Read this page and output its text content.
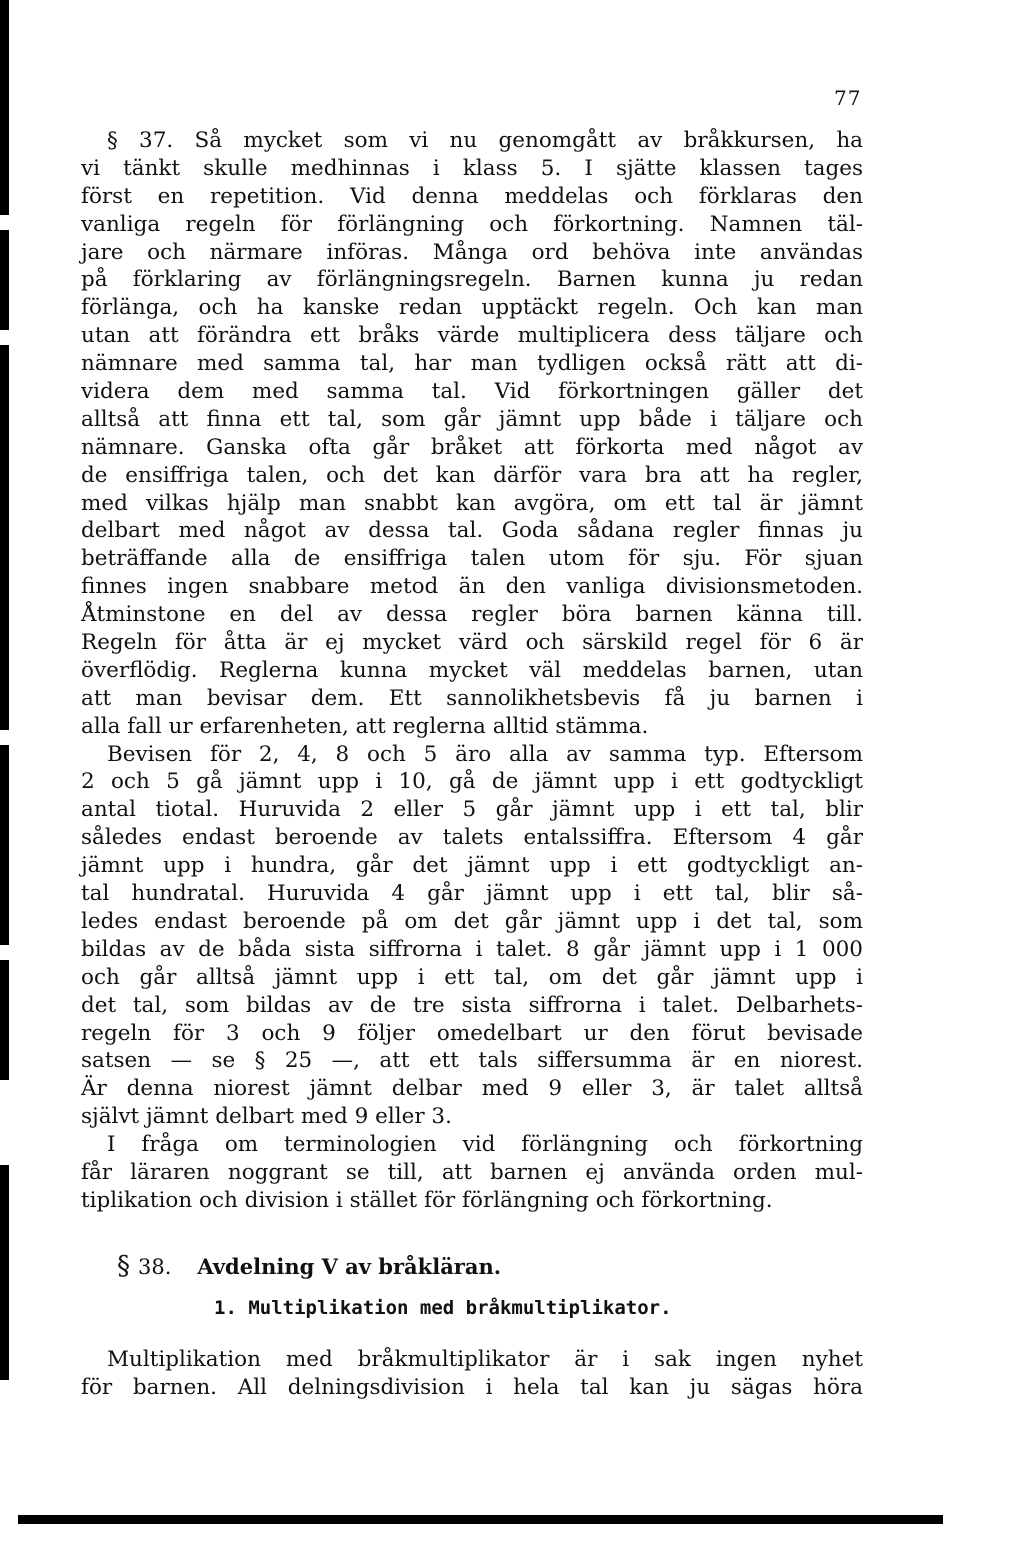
77
§ 37. Så mycket som vi nu genomgått av bråkkursen, ha
vi tänkt skulle medhinnas i klass 5. I sjätte klassen tages
först en repetition. Vid denna meddelas och förklaras den
vanliga regeln för förlängning och förkortning. Namnen täl-
jare och närmare införas. Många ord behöva inte användas
på förklaring av förlängningsregeln. Barnen kunna ju redan
förlänga, och ha kanske redan upptäckt regeln. Och kan man
utan att förändra ett bråks värde multiplicera dess täljare och
nämnare med samma tal, har man tydligen också rätt att di-
videra dem med samma tal. Vid förkortningen gäller det
alltså att finna ett tal, som går jämnt upp både i täljare och
nämnare. Ganska ofta går bråket att förkorta med något av
de ensiffriga talen, och det kan därför vara bra att ha regler,
med vilkas hjälp man snabbt kan avgöra, om ett tal är jämnt
delbart med något av dessa tal. Goda sådana regler finnas ju
beträffande alla de ensiffriga talen utom för sju. För sjuan
finnes ingen snabbare metod än den vanliga divisionsmetoden.
Åtminstone en del av dessa regler böra barnen känna till.
Regeln för åtta är ej mycket värd och särskild regel för 6 är
överflödig. Reglerna kunna mycket väl meddelas barnen, utan
att man bevisar dem. Ett sannolikhetsbevis få ju barnen i
alla fall ur erfarenheten, att reglerna alltid stämma.
Bevisen för 2, 4, 8 och 5 äro alla av samma typ. Eftersom
2 och 5 gå jämnt upp i 10, gå de jämnt upp i ett godtyckligt
antal tiotal. Huruvida 2 eller 5 går jämnt upp i ett tal, blir
således endast beroende av talets entalssiffra. Eftersom 4 går
jämnt upp i hundra, går det jämnt upp i ett godtyckligt an-
tal hundratal. Huruvida 4 går jämnt upp i ett tal, blir så-
ledes endast beroende på om det går jämnt upp i det tal, som
bildas av de båda sista siffrorna i talet. 8 går jämnt upp i 1 000
och går alltså jämnt upp i ett tal, om det går jämnt upp i
det tal, som bildas av de tre sista siffrorna i talet. Delbarhets-
regeln för 3 och 9 följer omedelbart ur den förut bevisade
satsen — se § 25 —, att ett tals siffersumma är en niorest.
Är denna niorest jämnt delbar med 9 eller 3, är talet alltså
självt jämnt delbart med 9 eller 3.
I fråga om terminologien vid förlängning och förkortning
får läraren noggrant se till, att barnen ej använda orden mul-
tiplikation och division i stället för förlängning och förkortning.
§ 38. Avdelning V av bråkläran.
1. Multiplikation med bråkmultiplikator.
Multiplikation med bråkmultiplikator är i sak ingen nyhet
för barnen. All delningsdivision i hela tal kan ju sägas höra
